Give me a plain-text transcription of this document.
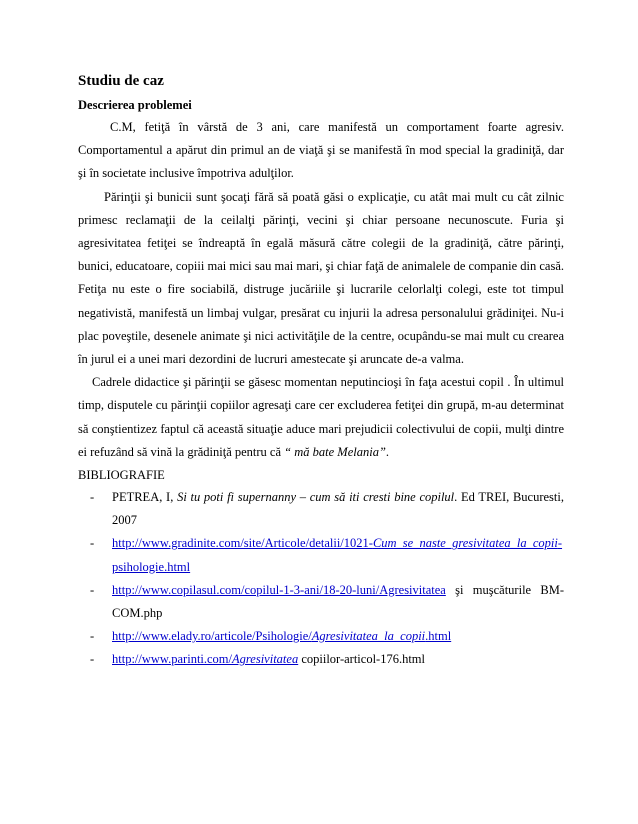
Studiu de caz
Descrierea problemei

C.M, fetiţă în vârstă de 3 ani, care manifestă un comportament foarte agresiv. Comportamentul a apărut din primul an de viaţă şi se manifestă în mod special la gradiniţă, dar şi în societate inclusive împotriva adulţilor.

Părinţii şi bunicii sunt şocaţi fără să poată găsi o explicaţie, cu atât mai mult cu cât zilnic primesc reclamaţii de la ceilalţi părinţi, vecini şi chiar persoane necunoscute. Furia şi agresivitatea fetiţei se îndreaptă în egală măsură către colegii de la gradiniţă, către părinţi, bunici, educatoare, copiii mai mici sau mai mari, şi chiar faţă de animalele de companie din casă. Fetiţa nu este o fire sociabilă, distruge jucăriile şi lucrarile celorlalţi colegi, este tot timpul negativistă, manifestă un limbaj vulgar, presărat cu injurii la adresa personalului grădiniţei. Nu-i plac poveştile, desenele animate şi nici activităţile de la centre, ocupându-se mai mult cu crearea în jurul ei a unei mari dezordini de lucruri amestecate şi aruncate de-a valma.

Cadrele didactice şi părinţii se găsesc momentan neputincioşi în faţa acestui copil . În ultimul timp, disputele cu părinţii copiilor agresaţi care cer excluderea fetiţei din grupă, m-au determinat să conştientizez faptul că această situaţie aduce mari prejudicii colectivului de copii, mulţi dintre ei refuzând să vină la grădiniţă pentru că “ mă bate Melania”.

BIBLIOGRAFIE
- PETREA, I, Si tu poti fi supernanny – cum să iti cresti bine copilul. Ed TREI, Bucuresti, 2007
- http://www.gradinite.com/site/Articole/detalii/1021-Cum_se_naste_gresivitatea_la_copii-psihologie.html
- http://www.copilasul.com/copilul-1-3-ani/18-20-luni/Agresivitatea şi muşcăturile BM-COM.php
- http://www.elady.ro/articole/Psihologie/Agresivitatea_la_copii.html
- http://www.parinti.com/Agresivitatea copiilor-articol-176.html
